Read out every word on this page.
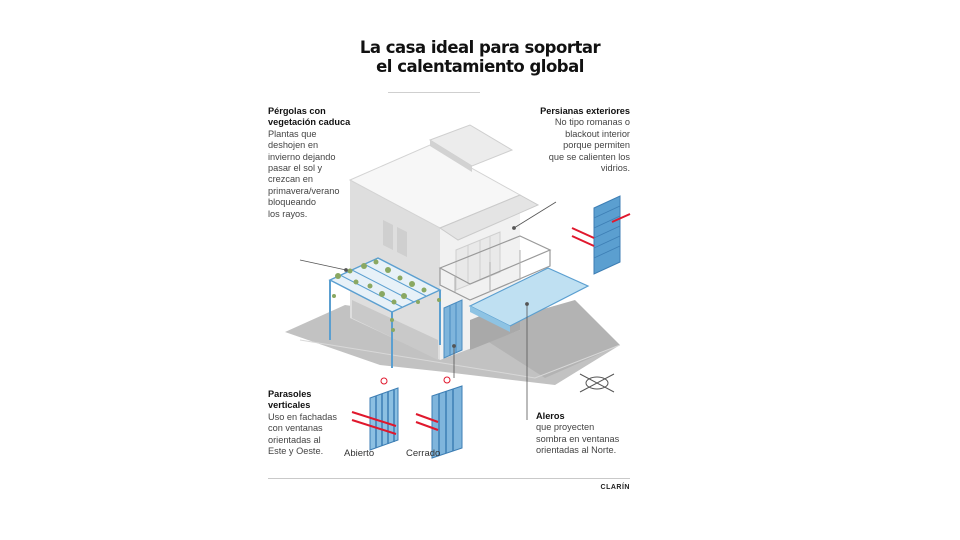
La casa ideal para soportar
el calentamiento global
Pérgolas con
vegetación caduca
Plantas que
deshojen en
invierno dejando
pasar el sol y
crezcan en
primavera/verano
bloqueando
los rayos.
Persianas exteriores
No tipo romanas o
blackout interior
porque permiten
que se calienten los
vidrios.
Parasoles
verticales
Uso en fachadas
con ventanas
orientadas al
Este y Oeste.
Aleros
que proyecten
sombra en ventanas
orientadas al Norte.
Abierto	Cerrado
CLARÍN
